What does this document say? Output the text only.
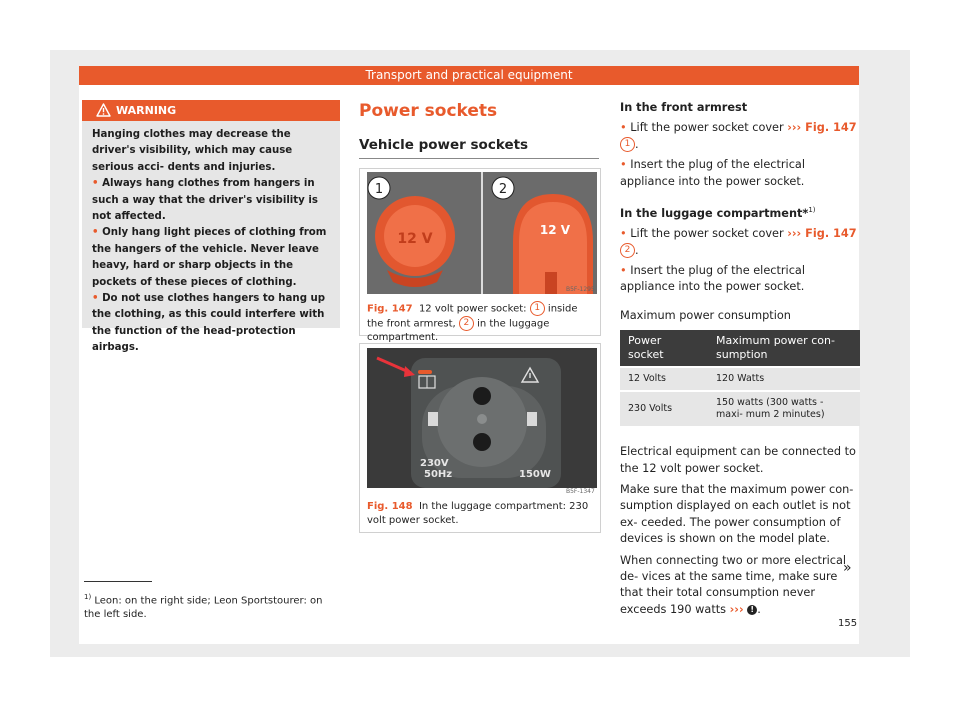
Transport and practical equipment
WARNING

Hanging clothes may decrease the driver's visibility, which may cause serious acci- dents and injuries.

• Always hang clothes from hangers in such a way that the driver's visibility is not affected.

• Only hang light pieces of clothing from the hangers of the vehicle. Never leave heavy, hard or sharp objects in the pockets of these pieces of clothing.

• Do not use clothes hangers to hang up the clothing, as this could interfere with the function of the head-protection airbags.

Power sockets
Vehicle power sockets
12 V
12 V
1	2
B5F-1295
Fig. 147 12 volt power socket: 1 inside the front armrest, 2 in the luggage compartment.
230V
50Hz	150W
B5F-1347
Fig. 148 In the luggage compartment: 230 volt power socket.

In the front armrest

• Lift the power socket cover ››› Fig. 147 1 .

• Insert the plug of the electrical appliance into the power socket.

In the luggage compartment*$^{1)}$

• Lift the power socket cover ››› Fig. 147 2 .

• Insert the plug of the electrical appliance into the power socket.

Maximum power consumption

Power socket	Maximum power con- sumption
12 Volts	120 Watts
230 Volts	150 watts (300 watts - maxi- mum 2 minutes)

Electrical equipment can be connected to the 12 volt power socket.

Make sure that the maximum power con- sumption displayed on each outlet is not ex- ceeded. The power consumption of devices is shown on the model plate.

When connecting two or more electrical de- vices at the same time, make sure that their total consumption never exceeds 190 watts ››› ! .

»
$^{1)}$ Leon: on the right side; Leon Sportstourer: on the left side.
155
